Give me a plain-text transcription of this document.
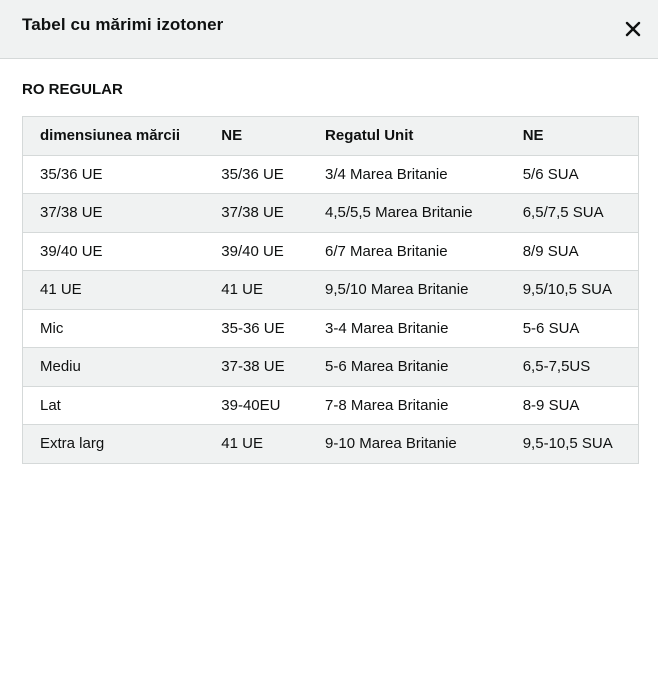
Tabel cu mărimi izotoner
RO REGULAR
dimensiunea mărcii	NE	Regatul Unit	NE
35/36 UE	35/36 UE	3/4 Marea Britanie	5/6 SUA
37/38 UE	37/38 UE	4,5/5,5 Marea Britanie	6,5/7,5 SUA
39/40 UE	39/40 UE	6/7 Marea Britanie	8/9 SUA
41 UE	41 UE	9,5/10 Marea Britanie	9,5/10,5 SUA
Mic	35-36 UE	3-4 Marea Britanie	5-6 SUA
Mediu	37-38 UE	5-6 Marea Britanie	6,5-7,5US
Lat	39-40EU	7-8 Marea Britanie	8-9 SUA
Extra larg	41 UE	9-10 Marea Britanie	9,5-10,5 SUA
